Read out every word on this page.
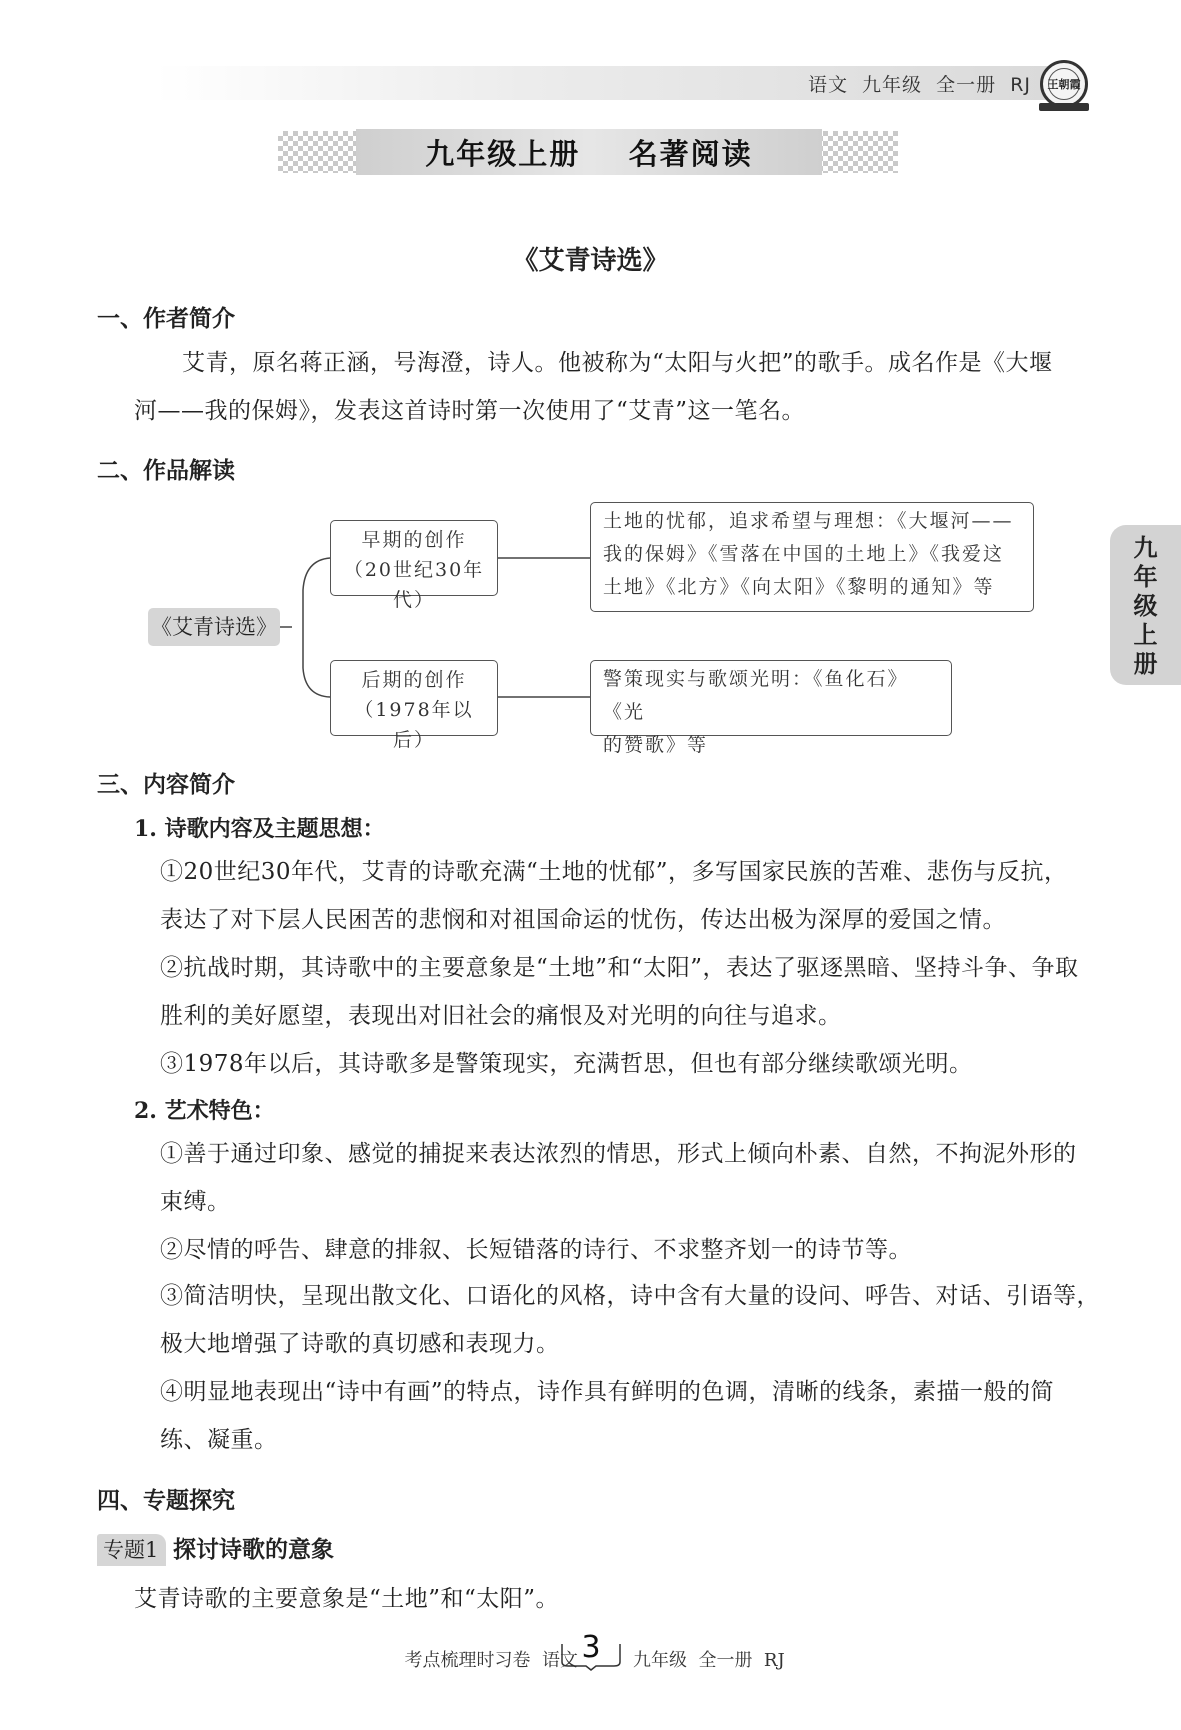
语文  九年级  全一册  RJ 王朝霞
九年级上册    名著阅读
九
年
级
上
册
《艾青诗选》
一、作者简介
艾青，原名蒋正涵，号海澄，诗人。他被称为“太阳与火把”的歌手。成名作是《大堰
河——我的保姆》，发表这首诗时第一次使用了“艾青”这一笔名。
二、作品解读
《艾青诗选》
早期的创作
（20世纪30年代）
土地的忧郁，追求希望与理想：《大堰河——
我的保姆》《雪落在中国的土地上》《我爱这
土地》《北方》《向太阳》《黎明的通知》等
后期的创作
（1978年以后）
警策现实与歌颂光明：《鱼化石》《光
的赞歌》等
三、内容简介
1. 诗歌内容及主题思想：
①20世纪30年代，艾青的诗歌充满“土地的忧郁”，多写国家民族的苦难、悲伤与反抗，
表达了对下层人民困苦的悲悯和对祖国命运的忧伤，传达出极为深厚的爱国之情。
②抗战时期，其诗歌中的主要意象是“土地”和“太阳”，表达了驱逐黑暗、坚持斗争、争取
胜利的美好愿望，表现出对旧社会的痛恨及对光明的向往与追求。
③1978年以后，其诗歌多是警策现实，充满哲思，但也有部分继续歌颂光明。
2. 艺术特色：
①善于通过印象、感觉的捕捉来表达浓烈的情思，形式上倾向朴素、自然，不拘泥外形的
束缚。
②尽情的呼告、肆意的排叙、长短错落的诗行、不求整齐划一的诗节等。
③简洁明快，呈现出散文化、口语化的风格，诗中含有大量的设问、呼告、对话、引语等，
极大地增强了诗歌的真切感和表现力。
④明显地表现出“诗中有画”的特点，诗作具有鲜明的色调，清晰的线条，素描一般的简
练、凝重。
四、专题探究
专题1 探讨诗歌的意象
艾青诗歌的主要意象是“土地”和“太阳”。
考点梳理时习卷  语文 3	九年级  全一册  RJ
